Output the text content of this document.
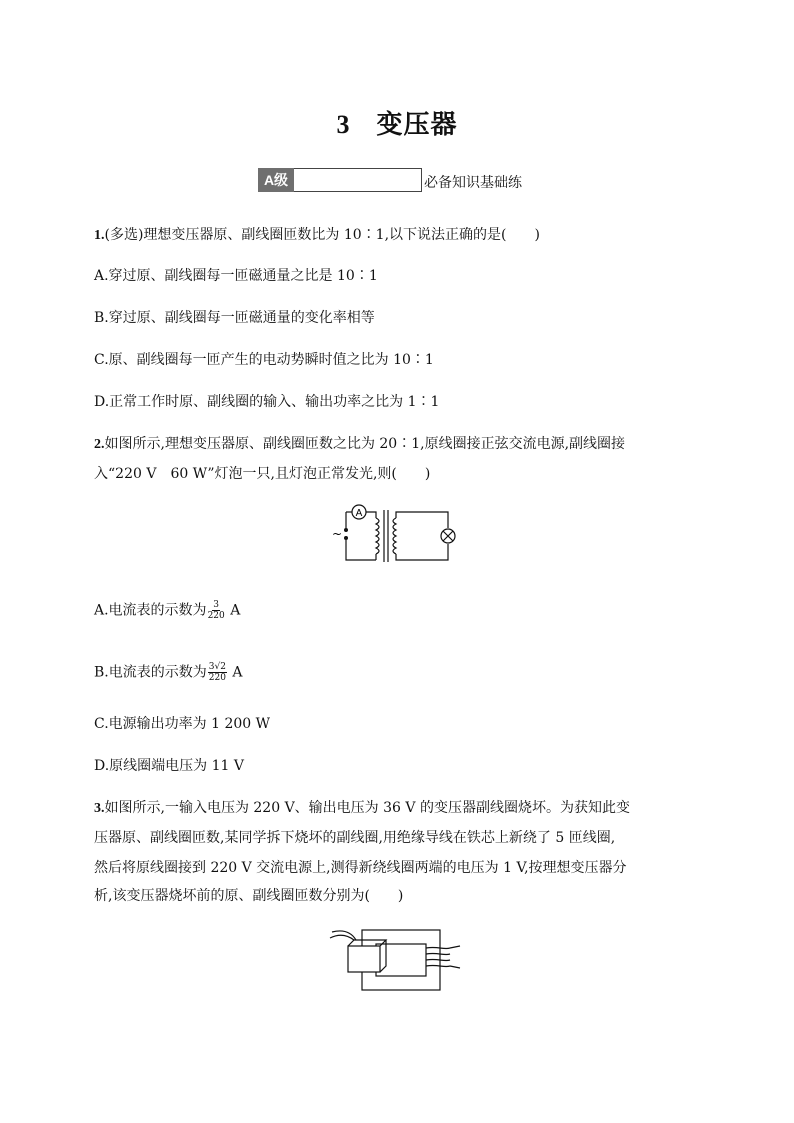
3 变压器
A级	必备知识基础练
1.(多选)理想变压器原、副线圈匝数比为 10∶1,以下说法正确的是(　　)
A.穿过原、副线圈每一匝磁通量之比是 10∶1
B.穿过原、副线圈每一匝磁通量的变化率相等
C.原、副线圈每一匝产生的电动势瞬时值之比为 10∶1
D.正常工作时原、副线圈的输入、输出功率之比为 1∶1
2.如图所示,理想变压器原、副线圈匝数之比为 20∶1,原线圈接正弦交流电源,副线圈接
入“220 V　60 W”灯泡一只,且灯泡正常发光,则(　　)
A
~
A.电流表的示数为 $\frac{3}{220}$ A
B.电流表的示数为 $\frac{3√2}{220}$ A
C.电源输出功率为 1 200 W
D.原线圈端电压为 11 V
3.如图所示,一输入电压为 220 V、输出电压为 36 V 的变压器副线圈烧坏。为获知此变
压器原、副线圈匝数,某同学拆下烧坏的副线圈,用绝缘导线在铁芯上新绕了 5 匝线圈,
然后将原线圈接到 220 V 交流电源上,测得新绕线圈两端的电压为 1 V,按理想变压器分
析,该变压器烧坏前的原、副线圈匝数分别为(　　)
